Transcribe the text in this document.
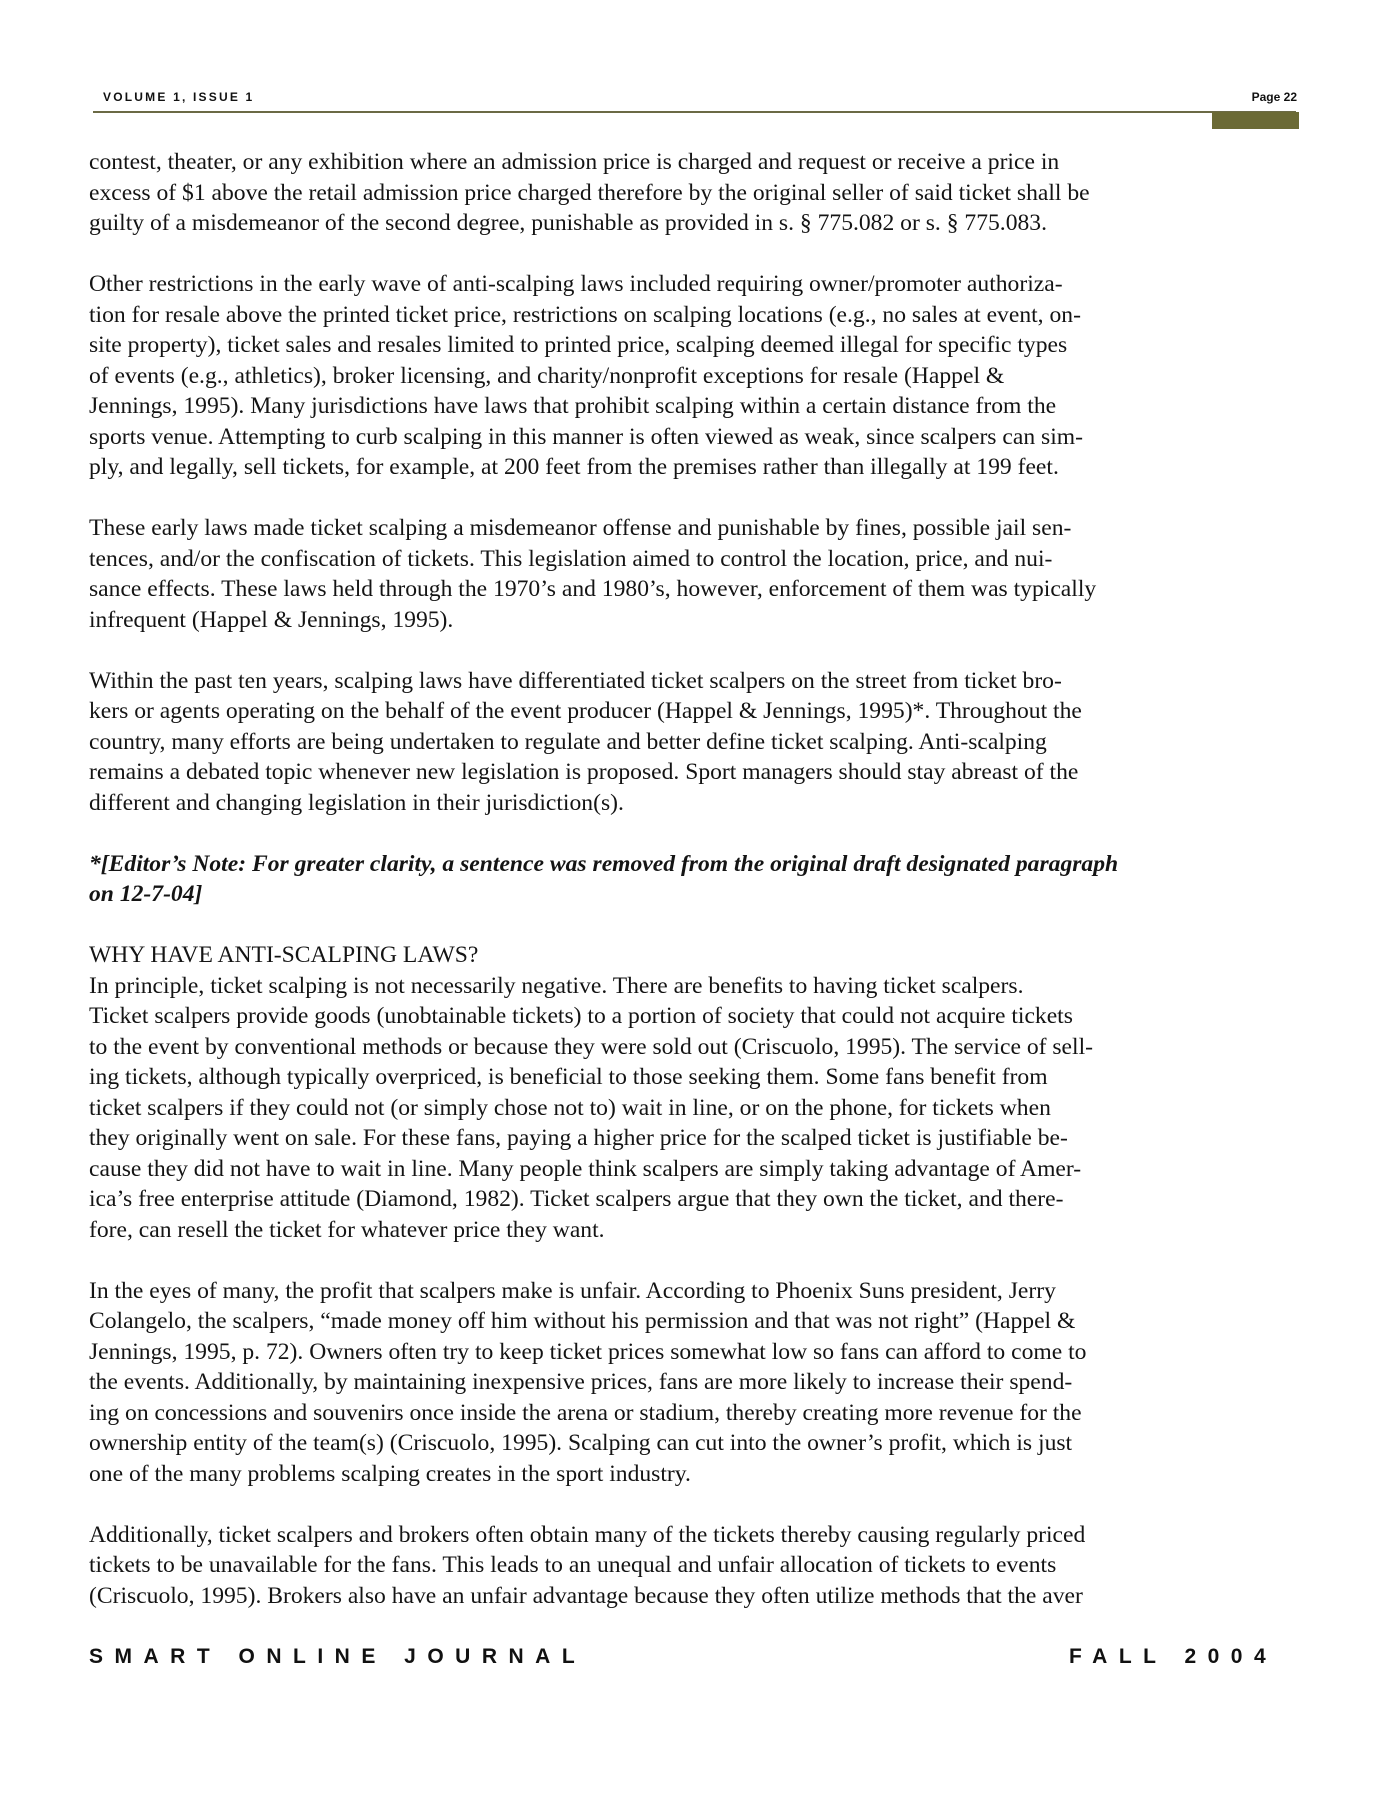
VOLUME 1, ISSUE 1	Page 22

contest, theater, or any exhibition where an admission price is charged and request or receive a price in
excess of $1 above the retail admission price charged therefore by the original seller of said ticket shall be
guilty of a misdemeanor of the second degree, punishable as provided in s. § 775.082 or s. § 775.083.

Other restrictions in the early wave of anti-scalping laws included requiring owner/promoter authoriza-
tion for resale above the printed ticket price, restrictions on scalping locations (e.g., no sales at event, on-
site property), ticket sales and resales limited to printed price, scalping deemed illegal for specific types
of events (e.g., athletics), broker licensing, and charity/nonprofit exceptions for resale (Happel &
Jennings, 1995). Many jurisdictions have laws that prohibit scalping within a certain distance from the
sports venue. Attempting to curb scalping in this manner is often viewed as weak, since scalpers can sim-
ply, and legally, sell tickets, for example, at 200 feet from the premises rather than illegally at 199 feet.

These early laws made ticket scalping a misdemeanor offense and punishable by fines, possible jail sen-
tences, and/or the confiscation of tickets. This legislation aimed to control the location, price, and nui-
sance effects. These laws held through the 1970’s and 1980’s, however, enforcement of them was typically
infrequent (Happel & Jennings, 1995).

Within the past ten years, scalping laws have differentiated ticket scalpers on the street from ticket bro-
kers or agents operating on the behalf of the event producer (Happel & Jennings, 1995)*. Throughout the
country, many efforts are being undertaken to regulate and better define ticket scalping. Anti-scalping
remains a debated topic whenever new legislation is proposed. Sport managers should stay abreast of the
different and changing legislation in their jurisdiction(s).

*[Editor’s Note: For greater clarity, a sentence was removed from the original draft designated paragraph
on 12-7-04]

WHY HAVE ANTI-SCALPING LAWS?

In principle, ticket scalping is not necessarily negative. There are benefits to having ticket scalpers.
Ticket scalpers provide goods (unobtainable tickets) to a portion of society that could not acquire tickets
to the event by conventional methods or because they were sold out (Criscuolo, 1995). The service of sell-
ing tickets, although typically overpriced, is beneficial to those seeking them. Some fans benefit from
ticket scalpers if they could not (or simply chose not to) wait in line, or on the phone, for tickets when
they originally went on sale. For these fans, paying a higher price for the scalped ticket is justifiable be-
cause they did not have to wait in line. Many people think scalpers are simply taking advantage of Amer-
ica’s free enterprise attitude (Diamond, 1982). Ticket scalpers argue that they own the ticket, and there-
fore, can resell the ticket for whatever price they want.

In the eyes of many, the profit that scalpers make is unfair. According to Phoenix Suns president, Jerry
Colangelo, the scalpers, “made money off him without his permission and that was not right” (Happel &
Jennings, 1995, p. 72). Owners often try to keep ticket prices somewhat low so fans can afford to come to
the events. Additionally, by maintaining inexpensive prices, fans are more likely to increase their spend-
ing on concessions and souvenirs once inside the arena or stadium, thereby creating more revenue for the
ownership entity of the team(s) (Criscuolo, 1995). Scalping can cut into the owner’s profit, which is just
one of the many problems scalping creates in the sport industry.

Additionally, ticket scalpers and brokers often obtain many of the tickets thereby causing regularly priced
tickets to be unavailable for the fans. This leads to an unequal and unfair allocation of tickets to events
(Criscuolo, 1995). Brokers also have an unfair advantage because they often utilize methods that the aver

SMART ONLINE JOURNAL	FALL 2004
